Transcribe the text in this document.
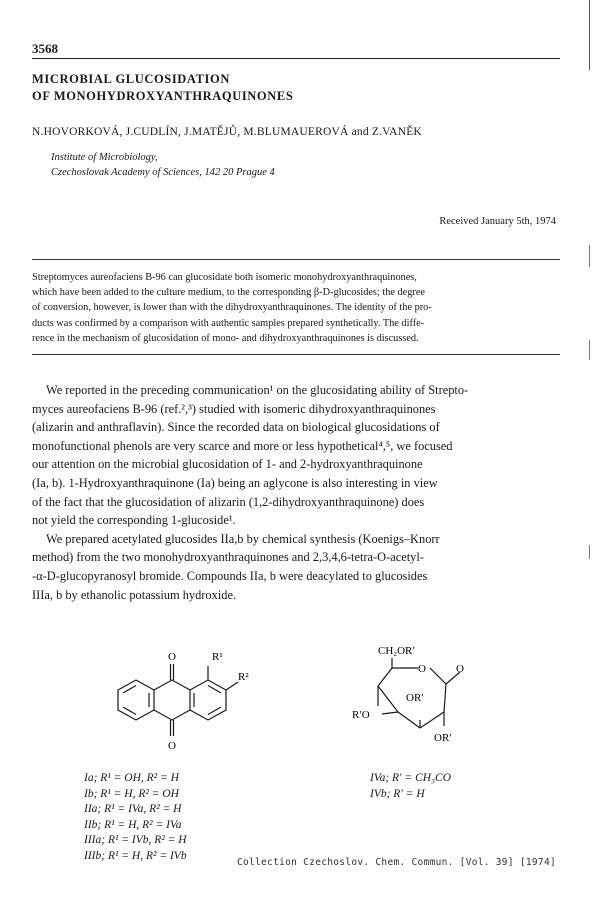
3568
MICROBIAL GLUCOSIDATION
OF MONOHYDROXYANTHRAQUINONES
N.HOVORKOVÁ, J.CUDLÍN, J.MATĚJŮ, M.BLUMAUEROVÁ and Z.VANĚK
Institute of Microbiology,
Czechoslovak Academy of Sciences, 142 20 Prague 4
Received January 5th, 1974
Streptomyces aureofaciens B-96 can glucosidate both isomeric monohydroxyanthraquinones,
which have been added to the culture medium, to the corresponding β-D-glucosides; the degree
of conversion, however, is lower than with the dihydroxyanthraquinones. The identity of the pro-
ducts was confirmed by a comparison with authentic samples prepared synthetically. The diffe-
rence in the mechanism of glucosidation of mono- and dihydroxyanthraquinones is discussed.
We reported in the preceding communication¹ on the glucosidating ability of Strepto-
myces aureofaciens B-96 (ref.²,³) studied with isomeric dihydroxyanthraquinones
(alizarin and anthraflavin). Since the recorded data on biological glucosidations of
monofunctional phenols are very scarce and more or less hypothetical⁴,⁵, we focused
our attention on the microbial glucosidation of 1- and 2-hydroxyanthraquinone
(Ia, b). 1-Hydroxyanthraquinone (Ia) being an aglycone is also interesting in view
of the fact that the glucosidation of alizarin (1,2-dihydroxyanthraquinone) does
not yield the corresponding 1-glucoside¹.
We prepared acetylated glucosides IIa,b by chemical synthesis (Koenigs–Knorr
method) from the two monohydroxyanthraquinones and 2,3,4,6-tetra-O-acetyl-
-α-D-glucopyranosyl bromide. Compounds IIa, b were deacylated to glucosides
IIIa, b by ethanolic potassium hydroxide.
O	R¹
R²
O
CH₂OR′
O	O
OR′
R′O
OR′
Ia; R¹ = OH, R² = H
Ib; R¹ = H, R² = OH
IIa; R¹ = IVa, R² = H
IIb; R¹ = H, R² = IVa
IIIa; R¹ = IVb, R² = H
IIIb; R¹ = H, R² = IVb
IVa; R′ = CH₃CO
IVb; R′ = H
Collection Czechoslov. Chem. Commun. [Vol. 39] [1974]
